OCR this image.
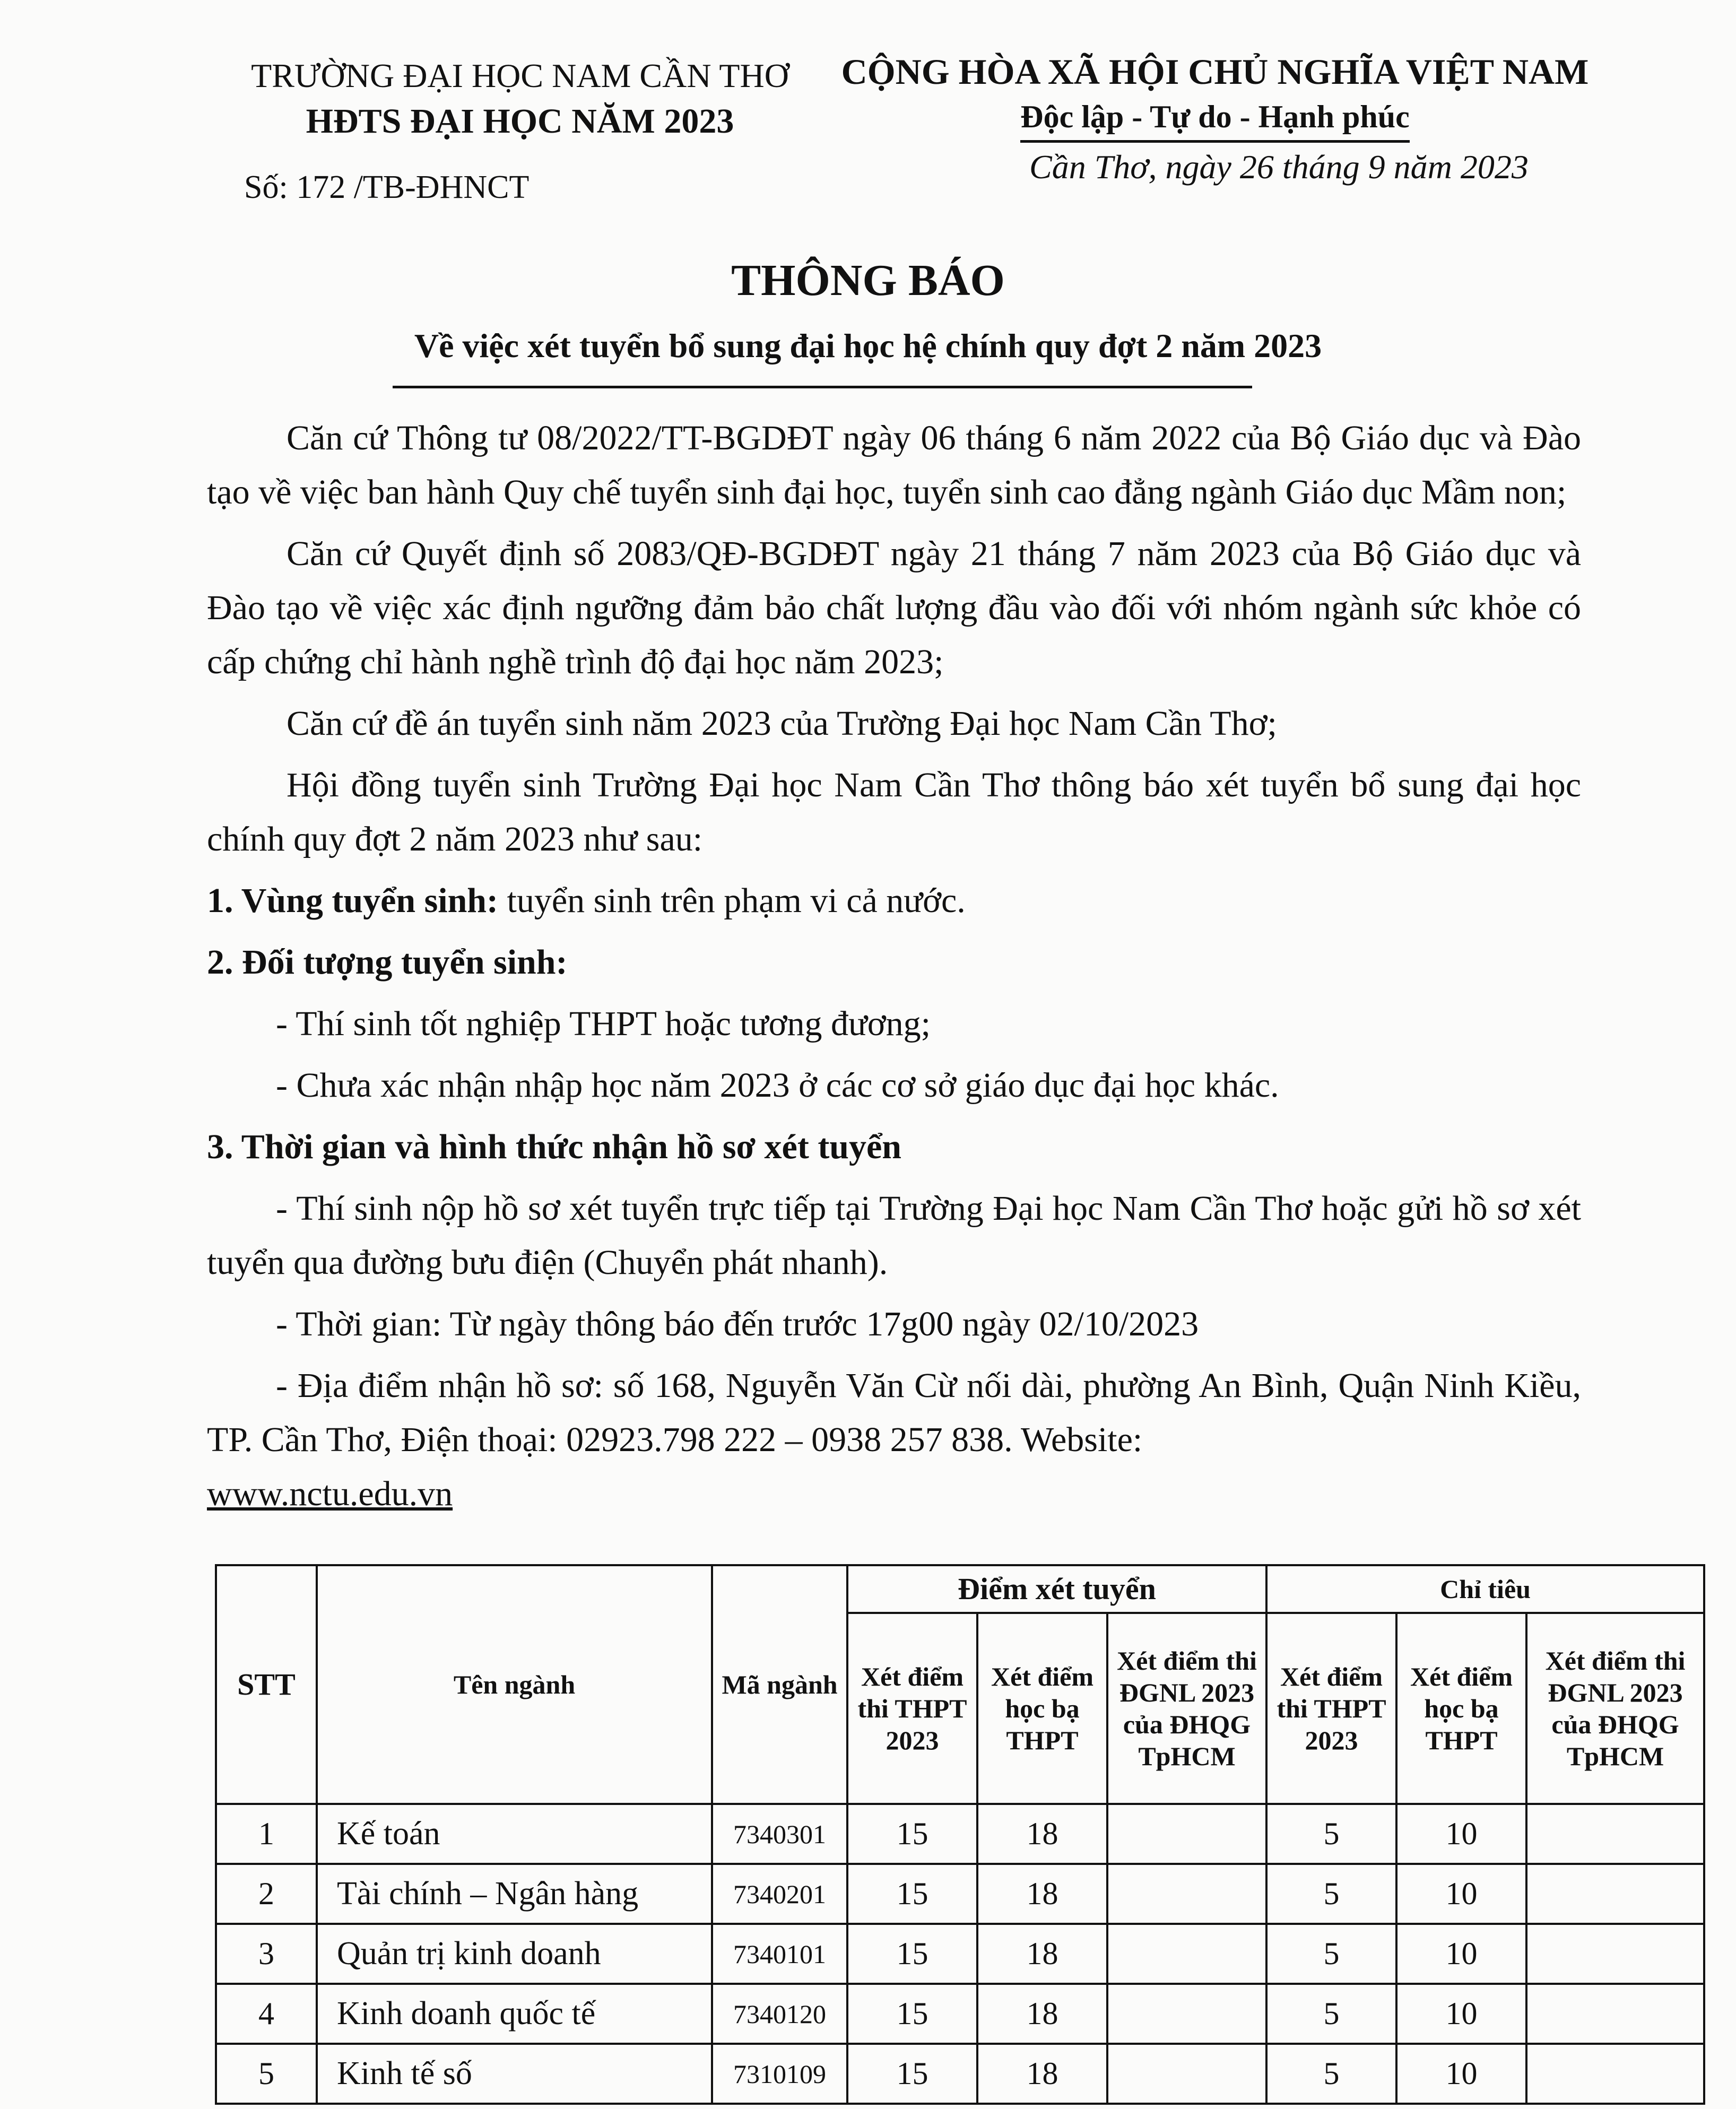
TRƯỜNG ĐẠI HỌC NAM CẦN THƠ
HĐTS ĐẠI HỌC NĂM 2023
Số: 172 /TB-ĐHNCT
CỘNG HÒA XÃ HỘI CHỦ NGHĨA VIỆT NAM
Độc lập - Tự do - Hạnh phúc
Cần Thơ, ngày 26 tháng 9 năm 2023
THÔNG BÁO
Về việc xét tuyển bổ sung đại học hệ chính quy đợt 2 năm 2023

Căn cứ Thông tư 08/2022/TT-BGDĐT ngày 06 tháng 6 năm 2022 của Bộ Giáo dục và Đào tạo về việc ban hành Quy chế tuyển sinh đại học, tuyển sinh cao đẳng ngành Giáo dục Mầm non;

Căn cứ Quyết định số 2083/QĐ-BGDĐT ngày 21 tháng 7 năm 2023 của Bộ Giáo dục và Đào tạo về việc xác định ngưỡng đảm bảo chất lượng đầu vào đối với nhóm ngành sức khỏe có cấp chứng chỉ hành nghề trình độ đại học năm 2023;

Căn cứ đề án tuyển sinh năm 2023 của Trường Đại học Nam Cần Thơ;

Hội đồng tuyển sinh Trường Đại học Nam Cần Thơ thông báo xét tuyển bổ sung đại học chính quy đợt 2 năm 2023 như sau:

1. Vùng tuyển sinh: tuyển sinh trên phạm vi cả nước.

2. Đối tượng tuyển sinh:

- Thí sinh tốt nghiệp THPT hoặc tương đương;

- Chưa xác nhận nhập học năm 2023 ở các cơ sở giáo dục đại học khác.

3. Thời gian và hình thức nhận hồ sơ xét tuyển

- Thí sinh nộp hồ sơ xét tuyển trực tiếp tại Trường Đại học Nam Cần Thơ hoặc gửi hồ sơ xét tuyển qua đường bưu điện (Chuyển phát nhanh).

- Thời gian: Từ ngày thông báo đến trước 17g00 ngày 02/10/2023

- Địa điểm nhận hồ sơ: số 168, Nguyễn Văn Cừ nối dài, phường An Bình, Quận Ninh Kiều, TP. Cần Thơ, Điện thoại: 02923.798 222 – 0938 257 838. Website:

www.nctu.edu.vn

STT	Tên ngành	Mã ngành	Điểm xét tuyển			Chỉ tiêu		
			Xét điểm thi THPT 2023	Xét điểm học bạ THPT	Xét điểm thi ĐGNL 2023 của ĐHQG TpHCM	Xét điểm thi THPT 2023	Xét điểm học bạ THPT	Xét điểm thi ĐGNL 2023 của ĐHQG TpHCM
1	Kế toán	7340301	15	18		5	10	
2	Tài chính – Ngân hàng	7340201	15	18		5	10	
3	Quản trị kinh doanh	7340101	15	18		5	10	
4	Kinh doanh quốc tế	7340120	15	18		5	10	
5	Kinh tế số	7310109	15	18		5	10	
